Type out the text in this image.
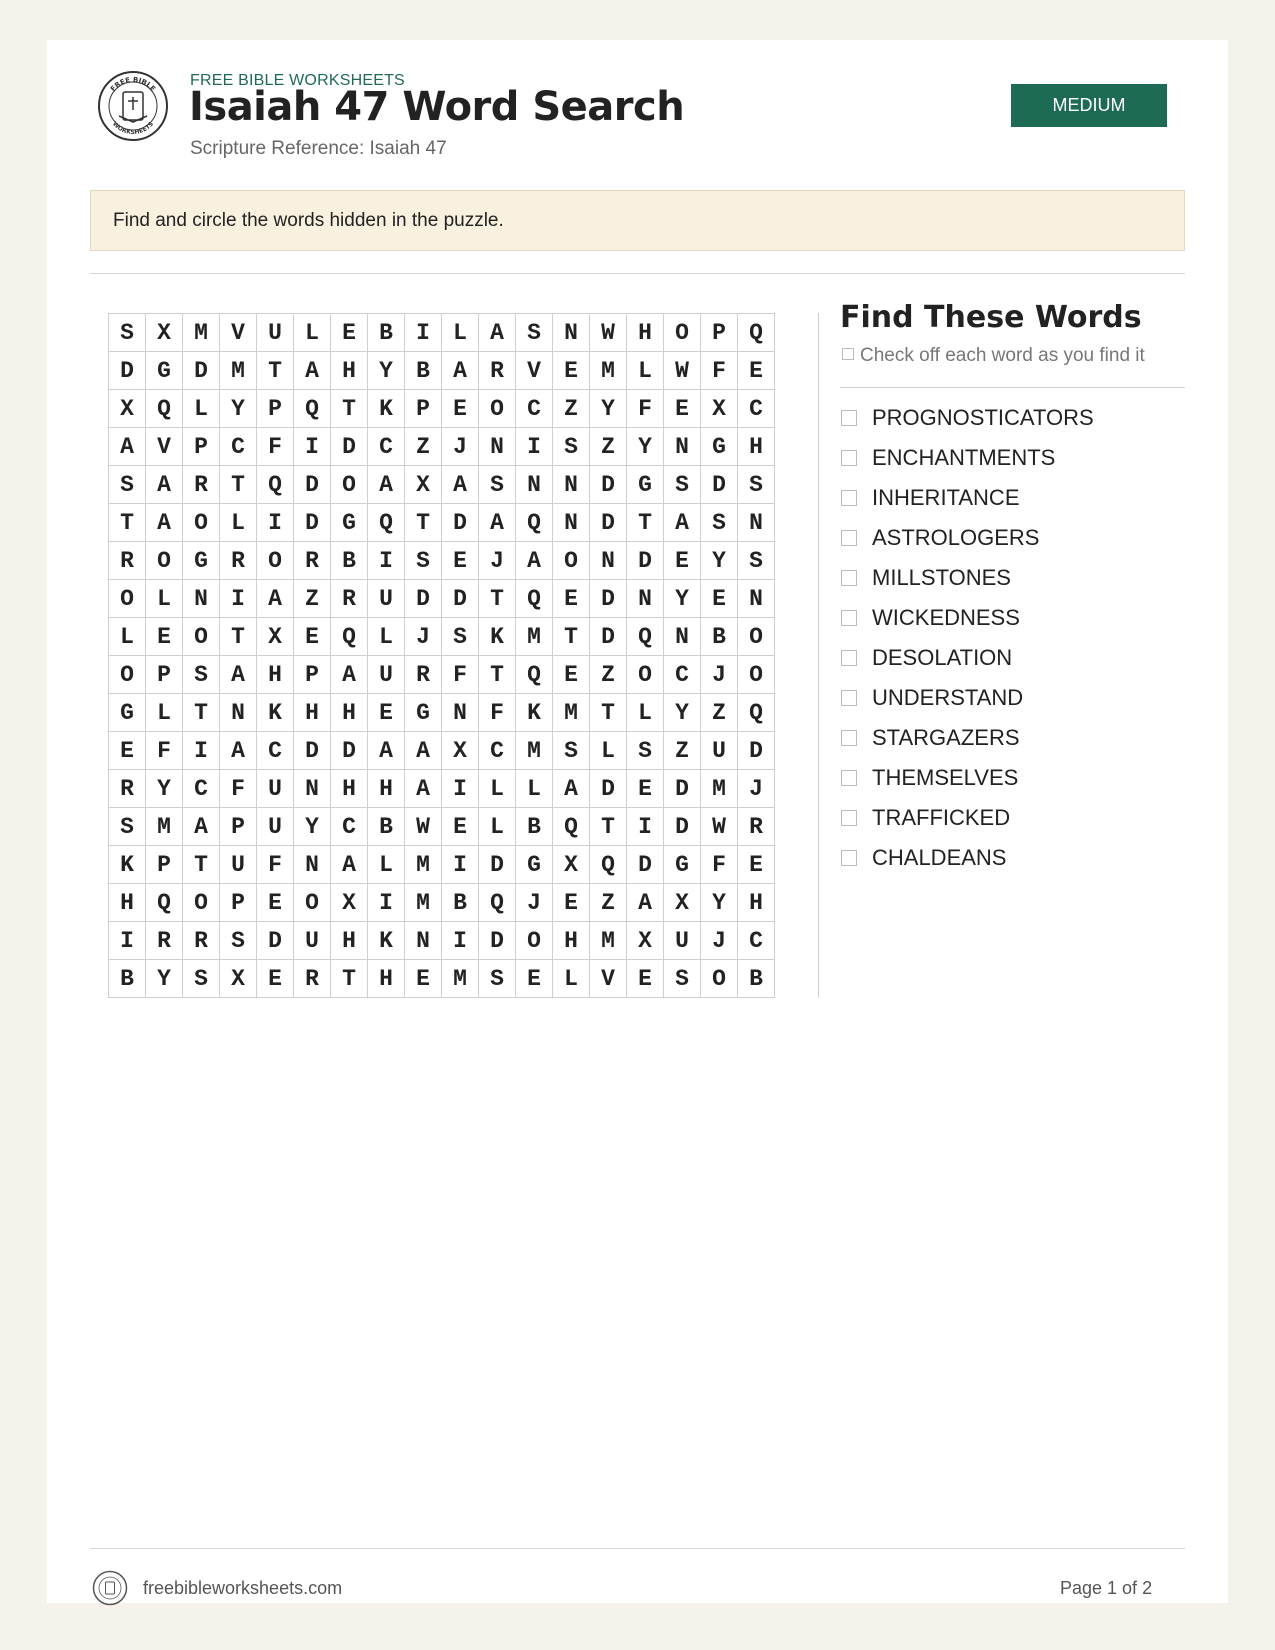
FREE BIBLE
WORKSHEETS
FREE BIBLE WORKSHEETS
Isaiah 47 Word Search
Scripture Reference: Isaiah 47
MEDIUM
Find and circle the words hidden in the puzzle.
S	X	M	V	U	L	E	B	I	L	A	S	N	W	H	O	P	Q
D	G	D	M	T	A	H	Y	B	A	R	V	E	M	L	W	F	E
X	Q	L	Y	P	Q	T	K	P	E	O	C	Z	Y	F	E	X	C
A	V	P	C	F	I	D	C	Z	J	N	I	S	Z	Y	N	G	H
S	A	R	T	Q	D	O	A	X	A	S	N	N	D	G	S	D	S
T	A	O	L	I	D	G	Q	T	D	A	Q	N	D	T	A	S	N
R	O	G	R	O	R	B	I	S	E	J	A	O	N	D	E	Y	S
O	L	N	I	A	Z	R	U	D	D	T	Q	E	D	N	Y	E	N
L	E	O	T	X	E	Q	L	J	S	K	M	T	D	Q	N	B	O
O	P	S	A	H	P	A	U	R	F	T	Q	E	Z	O	C	J	O
G	L	T	N	K	H	H	E	G	N	F	K	M	T	L	Y	Z	Q
E	F	I	A	C	D	D	A	A	X	C	M	S	L	S	Z	U	D
R	Y	C	F	U	N	H	H	A	I	L	L	A	D	E	D	M	J
S	M	A	P	U	Y	C	B	W	E	L	B	Q	T	I	D	W	R
K	P	T	U	F	N	A	L	M	I	D	G	X	Q	D	G	F	E
H	Q	O	P	E	O	X	I	M	B	Q	J	E	Z	A	X	Y	H
I	R	R	S	D	U	H	K	N	I	D	O	H	M	X	U	J	C
B	Y	S	X	E	R	T	H	E	M	S	E	L	V	E	S	O	B
Find These Words
Check off each word as you find it
PROGNOSTICATORS
ENCHANTMENTS
INHERITANCE
ASTROLOGERS
MILLSTONES
WICKEDNESS
DESOLATION
UNDERSTAND
STARGAZERS
THEMSELVES
TRAFFICKED
CHALDEANS
freebibleworksheets.com	Page 1 of 2
